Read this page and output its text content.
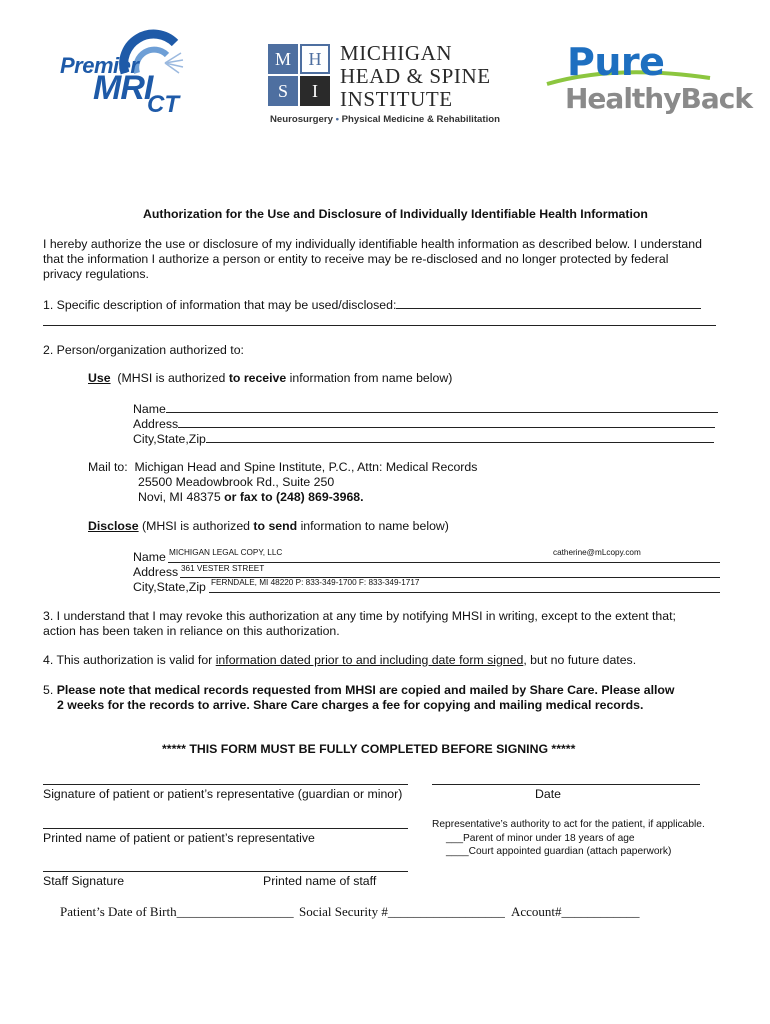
Premier
MRI
CT
M H
S	I
MICHIGAN
HEAD & SPINE
INSTITUTE
Neurosurgery • Physical Medicine & Rehabilitation
Pure
HealthyBack
Authorization for the Use and Disclosure of Individually Identifiable Health Information
I hereby authorize the use or disclosure of my individually identifiable health information as described below. I understand
that the information I authorize a person or entity to receive may be re-disclosed and no longer protected by federal
privacy regulations.
1. Specific description of information that may be used/disclosed:
2. Person/organization authorized to:
Use (MHSI is authorized to receive information from name below)
Name
Address
City,State,Zip
Mail to: Michigan Head and Spine Institute, P.C., Attn: Medical Records
25500 Meadowbrook Rd., Suite 250
Novi, MI 48375 or fax to (248) 869-3968.
Disclose (MHSI is authorized to send information to name below)
Name MICHIGAN LEGAL COPY, LLC	catherine@mLcopy.com
Address 361 VESTER STREET
City,State,Zip FERNDALE, MI 48220 P: 833-349-1700 F: 833-349-1717
3. I understand that I may revoke this authorization at any time by notifying MHSI in writing, except to the extent that;
action has been taken in reliance on this authorization.
4. This authorization is valid for information dated prior to and including date form signed, but no future dates.
5. Please note that medical records requested from MHSI are copied and mailed by Share Care. Please allow
2 weeks for the records to arrive. Share Care charges a fee for copying and mailing medical records.
***** THIS FORM MUST BE FULLY COMPLETED BEFORE SIGNING *****
Signature of patient or patient’s representative (guardian or minor)	Date
Printed name of patient or patient’s representative
Representative’s authority to act for the patient, if applicable.
___Parent of minor under 18 years of age
____Court appointed guardian (attach paperwork)
Staff Signature	Printed name of staff
Patient’s Date of Birth__________________ Social Security #__________________ Account#____________
